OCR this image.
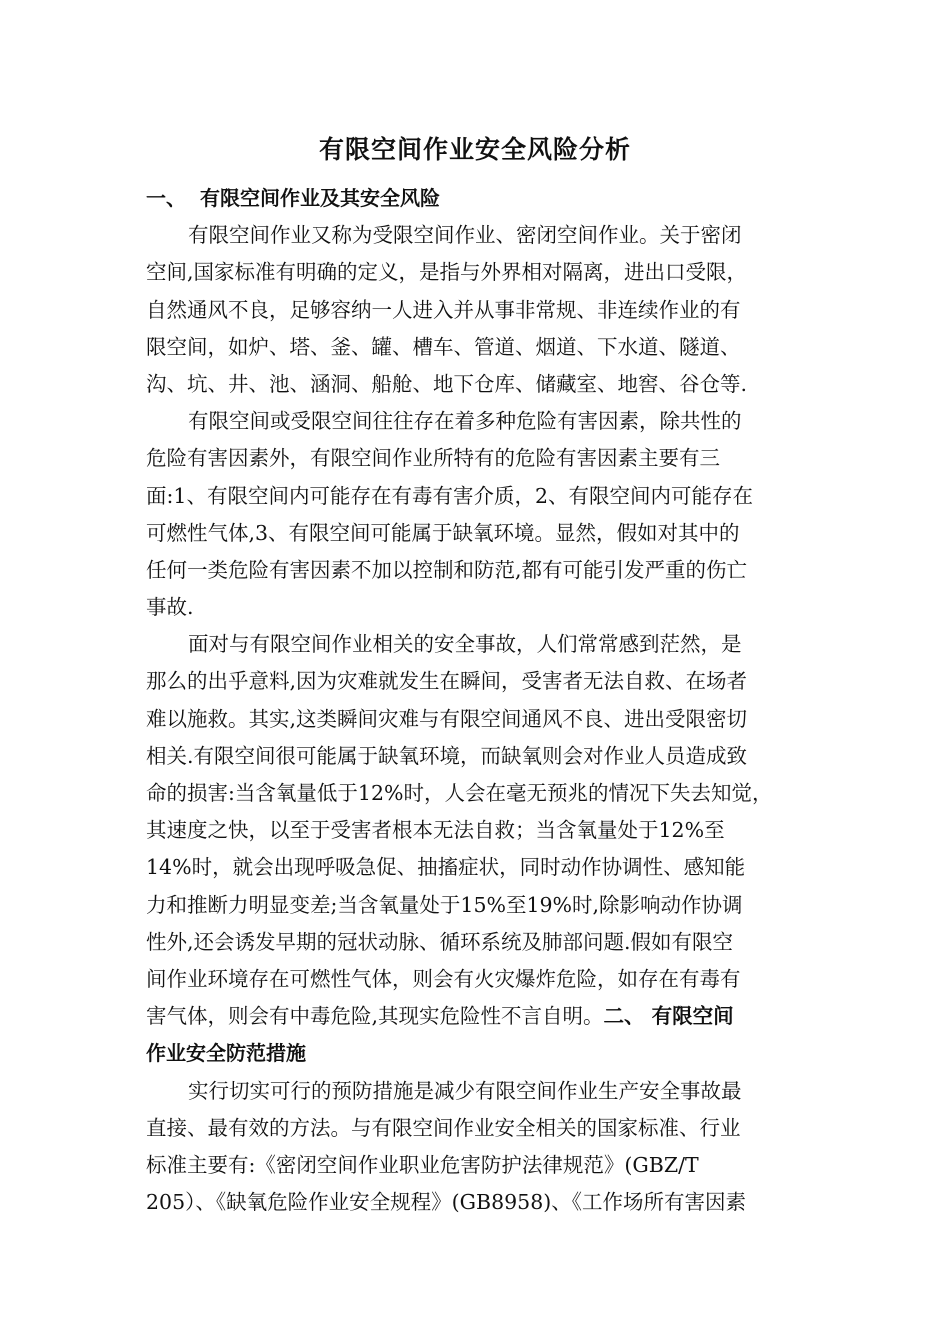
有限空间作业安全风险分析
一、 有限空间作业及其安全风险
有限空间作业又称为受限空间作业、密闭空间作业。关于密闭
空间,国家标准有明确的定义，是指与外界相对隔离，进出口受限，
自然通风不良，足够容纳一人进入并从事非常规、非连续作业的有
限空间，如炉、塔、釜、罐、槽车、管道、烟道、下水道、隧道、
沟、坑、井、池、涵洞、船舱、地下仓库、储藏室、地窖、谷仓等.
有限空间或受限空间往往存在着多种危险有害因素，除共性的
危险有害因素外，有限空间作业所特有的危险有害因素主要有三
面:1、有限空间内可能存在有毒有害介质，2、有限空间内可能存在
可燃性气体,3、有限空间可能属于缺氧环境。显然，假如对其中的
任何一类危险有害因素不加以控制和防范,都有可能引发严重的伤亡
事故.
面对与有限空间作业相关的安全事故，人们常常感到茫然，是
那么的出乎意料,因为灾难就发生在瞬间，受害者无法自救、在场者
难以施救。其实,这类瞬间灾难与有限空间通风不良、进出受限密切
相关.有限空间很可能属于缺氧环境，而缺氧则会对作业人员造成致
命的损害:当含氧量低于12%时，人会在毫无预兆的情况下失去知觉，
其速度之快，以至于受害者根本无法自救；当含氧量处于12%至
14%时，就会出现呼吸急促、抽搐症状，同时动作协调性、感知能
力和推断力明显变差;当含氧量处于15%至19%时,除影响动作协调
性外,还会诱发早期的冠状动脉、循环系统及肺部问题.假如有限空
间作业环境存在可燃性气体，则会有火灾爆炸危险，如存在有毒有
害气体，则会有中毒危险,其现实危险性不言自明。二、 有限空间
作业安全防范措施
实行切实可行的预防措施是减少有限空间作业生产安全事故最
直接、最有效的方法。与有限空间作业安全相关的国家标准、行业
标准主要有:《密闭空间作业职业危害防护法律规范》(GBZ/T
205）、《缺氧危险作业安全规程》(GB8958)、《工作场所有害因素
